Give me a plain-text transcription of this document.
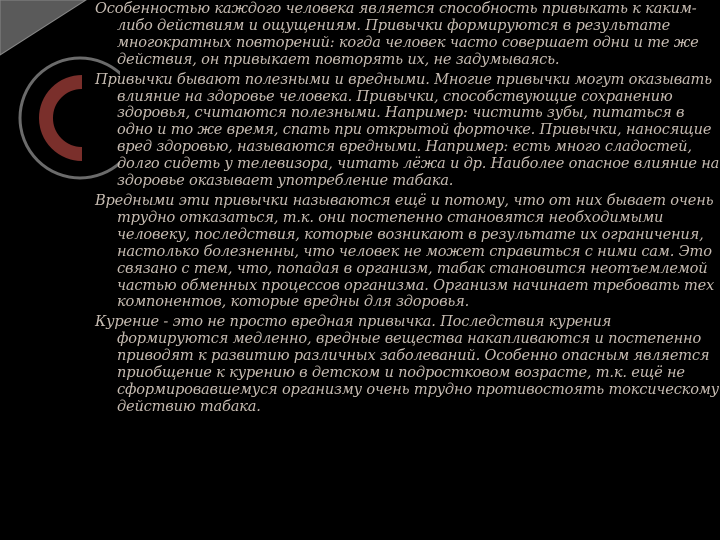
Особенностью каждого человека является способность привыкать к каким-либо действиям и ощущениям. Привычки формируются в результате многократных повторений: когда человек часто совершает одни и те же действия, он привыкает повторять их, не задумываясь.

Привычки бывают полезными и вредными. Многие привычки могут оказывать влияние на здоровье человека. Привычки, способствующие сохранению здоровья, считаются полезными. Например: чистить зубы, питаться в одно и то же время, спать при открытой форточке. Привычки, наносящие вред здоровью, называются вредными. Например: есть много сладостей, долго сидеть у телевизора, читать лёжа и др. Наиболее опасное влияние на здоровье оказывает употребление табака.

Вредными эти привычки называются ещё и потому, что от них бывает очень трудно отказаться, т.к. они постепенно становятся необходимыми человеку, последствия, которые возникают в результате их ограничения, настолько болезненны, что человек не может справиться с ними сам. Это связано с тем, что, попадая в организм, табак становится неотъемлемой частью обменных процессов организма. Организм начинает требовать тех компонентов, которые вредны для здоровья.

Курение - это не просто вредная привычка. Последствия курения формируются медленно, вредные вещества накапливаются и постепенно приводят к развитию различных заболеваний. Особенно опасным является приобщение к курению в детском и подростковом возрасте, т.к. ещё не сформировавшемуся организму очень трудно противостоять токсическому действию табака.
